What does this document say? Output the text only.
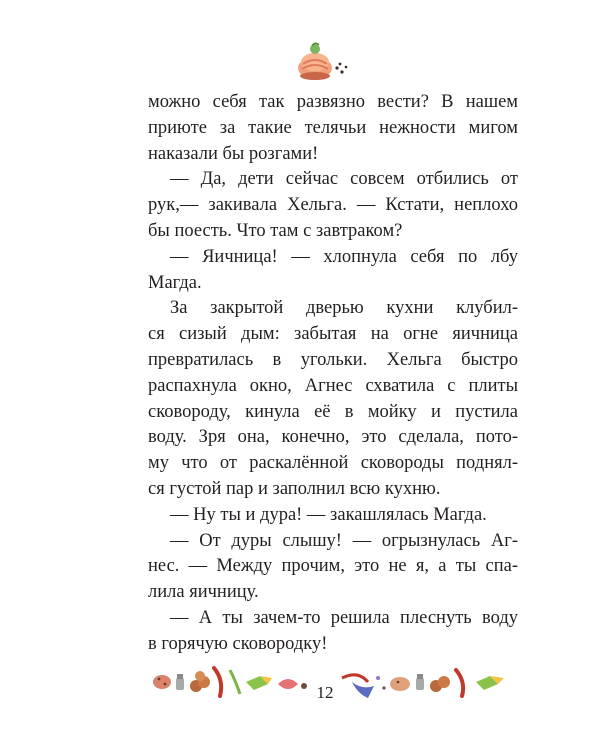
можно себя так развязно вести? В нашем
приюте за такие телячьи нежности мигом
наказали бы розгами!
— Да, дети сейчас совсем отбились от
рук,— закивала Хельга. — Кстати, неплохо
бы поесть. Что там с завтраком?
— Яичница! — хлопнула себя по лбу
Магда.
За закрытой дверью кухни клубил-
ся сизый дым: забытая на огне яичница
превратилась в угольки. Хельга быстро
распахнула окно, Агнес схватила с плиты
сковороду, кинула её в мойку и пустила
воду. Зря она, конечно, это сделала, пото-
му что от раскалённой сковороды поднял-
ся густой пар и заполнил всю кухню.
— Ну ты и дура! — закашлялась Магда.
— От дуры слышу! — огрызнулась Аг-
нес. — Между прочим, это не я, а ты спа-
лила яичницу.
— А ты зачем-то решила плеснуть воду
в горячую сковородку!
12
